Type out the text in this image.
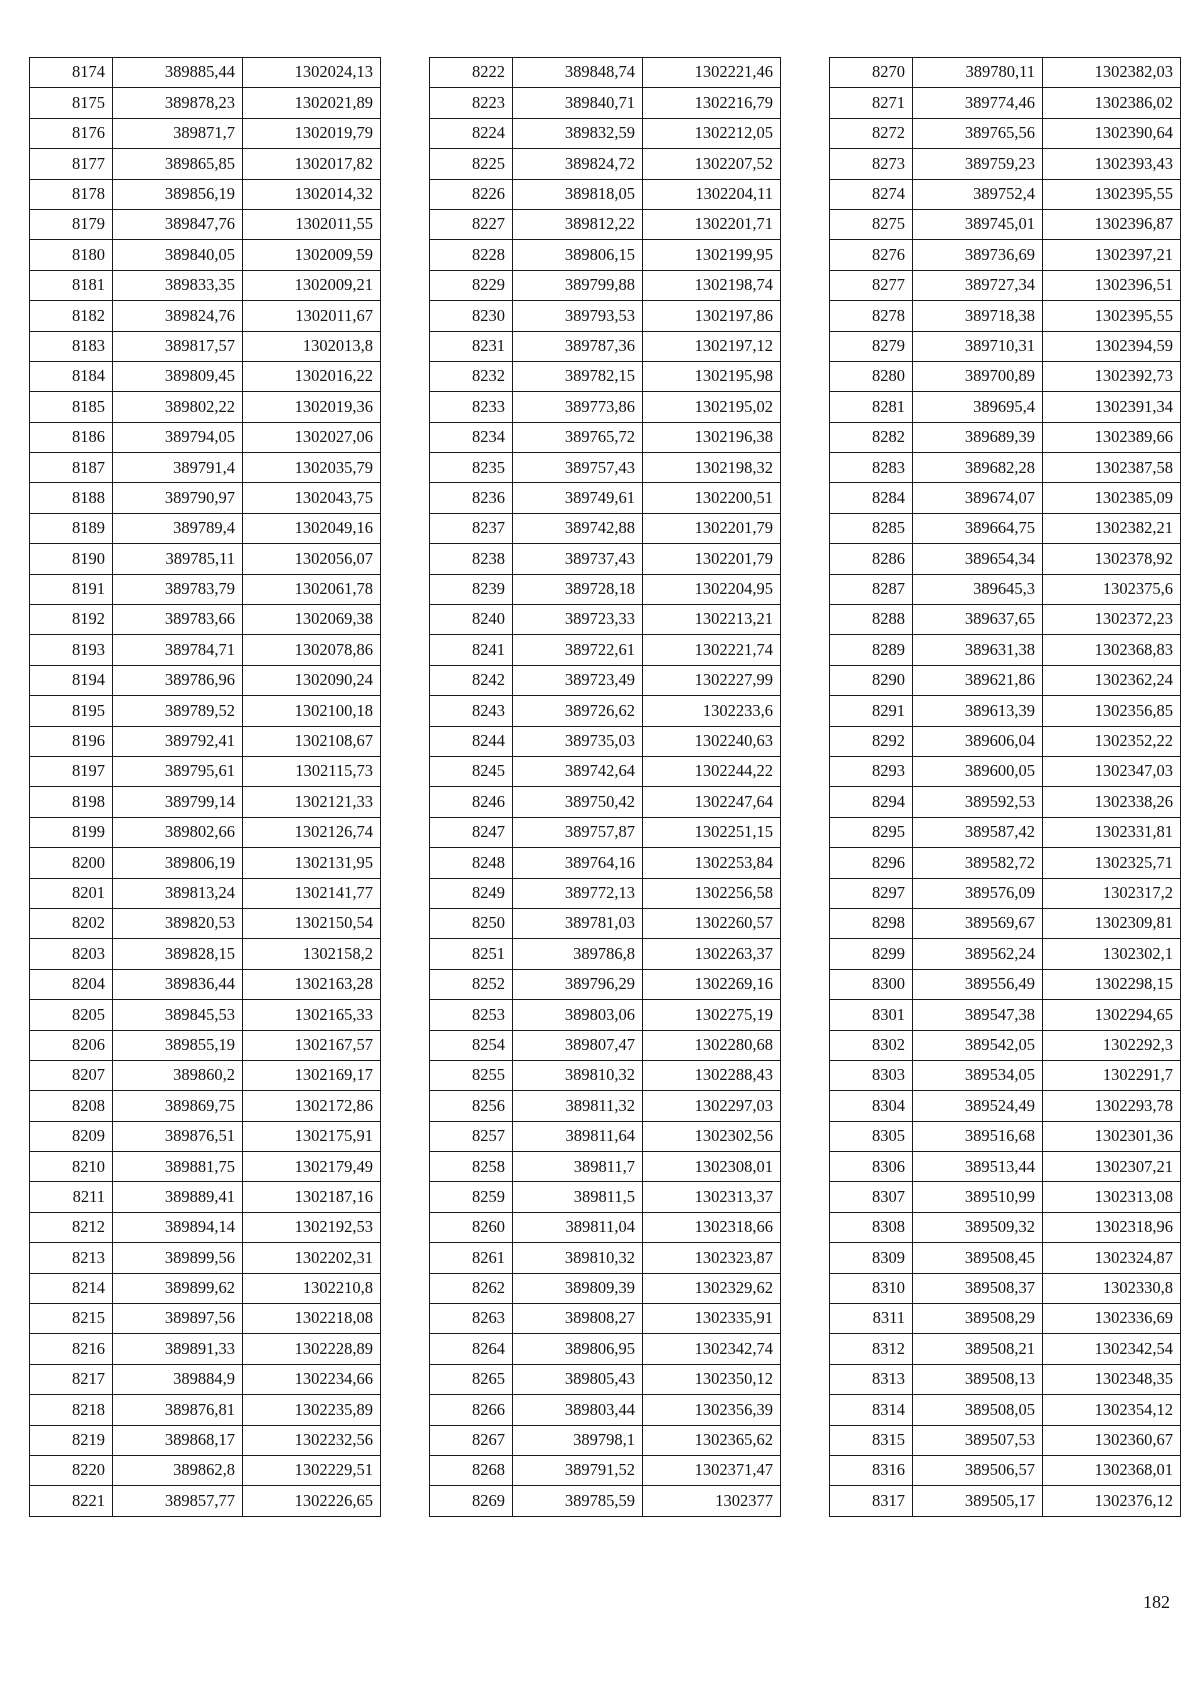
8174	389885,44	1302024,13
8175	389878,23	1302021,89
8176	389871,7	1302019,79
8177	389865,85	1302017,82
8178	389856,19	1302014,32
8179	389847,76	1302011,55
8180	389840,05	1302009,59
8181	389833,35	1302009,21
8182	389824,76	1302011,67
8183	389817,57	1302013,8
8184	389809,45	1302016,22
8185	389802,22	1302019,36
8186	389794,05	1302027,06
8187	389791,4	1302035,79
8188	389790,97	1302043,75
8189	389789,4	1302049,16
8190	389785,11	1302056,07
8191	389783,79	1302061,78
8192	389783,66	1302069,38
8193	389784,71	1302078,86
8194	389786,96	1302090,24
8195	389789,52	1302100,18
8196	389792,41	1302108,67
8197	389795,61	1302115,73
8198	389799,14	1302121,33
8199	389802,66	1302126,74
8200	389806,19	1302131,95
8201	389813,24	1302141,77
8202	389820,53	1302150,54
8203	389828,15	1302158,2
8204	389836,44	1302163,28
8205	389845,53	1302165,33
8206	389855,19	1302167,57
8207	389860,2	1302169,17
8208	389869,75	1302172,86
8209	389876,51	1302175,91
8210	389881,75	1302179,49
8211	389889,41	1302187,16
8212	389894,14	1302192,53
8213	389899,56	1302202,31
8214	389899,62	1302210,8
8215	389897,56	1302218,08
8216	389891,33	1302228,89
8217	389884,9	1302234,66
8218	389876,81	1302235,89
8219	389868,17	1302232,56
8220	389862,8	1302229,51
8221	389857,77	1302226,65
8222	389848,74	1302221,46
8223	389840,71	1302216,79
8224	389832,59	1302212,05
8225	389824,72	1302207,52
8226	389818,05	1302204,11
8227	389812,22	1302201,71
8228	389806,15	1302199,95
8229	389799,88	1302198,74
8230	389793,53	1302197,86
8231	389787,36	1302197,12
8232	389782,15	1302195,98
8233	389773,86	1302195,02
8234	389765,72	1302196,38
8235	389757,43	1302198,32
8236	389749,61	1302200,51
8237	389742,88	1302201,79
8238	389737,43	1302201,79
8239	389728,18	1302204,95
8240	389723,33	1302213,21
8241	389722,61	1302221,74
8242	389723,49	1302227,99
8243	389726,62	1302233,6
8244	389735,03	1302240,63
8245	389742,64	1302244,22
8246	389750,42	1302247,64
8247	389757,87	1302251,15
8248	389764,16	1302253,84
8249	389772,13	1302256,58
8250	389781,03	1302260,57
8251	389786,8	1302263,37
8252	389796,29	1302269,16
8253	389803,06	1302275,19
8254	389807,47	1302280,68
8255	389810,32	1302288,43
8256	389811,32	1302297,03
8257	389811,64	1302302,56
8258	389811,7	1302308,01
8259	389811,5	1302313,37
8260	389811,04	1302318,66
8261	389810,32	1302323,87
8262	389809,39	1302329,62
8263	389808,27	1302335,91
8264	389806,95	1302342,74
8265	389805,43	1302350,12
8266	389803,44	1302356,39
8267	389798,1	1302365,62
8268	389791,52	1302371,47
8269	389785,59	1302377
8270	389780,11	1302382,03
8271	389774,46	1302386,02
8272	389765,56	1302390,64
8273	389759,23	1302393,43
8274	389752,4	1302395,55
8275	389745,01	1302396,87
8276	389736,69	1302397,21
8277	389727,34	1302396,51
8278	389718,38	1302395,55
8279	389710,31	1302394,59
8280	389700,89	1302392,73
8281	389695,4	1302391,34
8282	389689,39	1302389,66
8283	389682,28	1302387,58
8284	389674,07	1302385,09
8285	389664,75	1302382,21
8286	389654,34	1302378,92
8287	389645,3	1302375,6
8288	389637,65	1302372,23
8289	389631,38	1302368,83
8290	389621,86	1302362,24
8291	389613,39	1302356,85
8292	389606,04	1302352,22
8293	389600,05	1302347,03
8294	389592,53	1302338,26
8295	389587,42	1302331,81
8296	389582,72	1302325,71
8297	389576,09	1302317,2
8298	389569,67	1302309,81
8299	389562,24	1302302,1
8300	389556,49	1302298,15
8301	389547,38	1302294,65
8302	389542,05	1302292,3
8303	389534,05	1302291,7
8304	389524,49	1302293,78
8305	389516,68	1302301,36
8306	389513,44	1302307,21
8307	389510,99	1302313,08
8308	389509,32	1302318,96
8309	389508,45	1302324,87
8310	389508,37	1302330,8
8311	389508,29	1302336,69
8312	389508,21	1302342,54
8313	389508,13	1302348,35
8314	389508,05	1302354,12
8315	389507,53	1302360,67
8316	389506,57	1302368,01
8317	389505,17	1302376,12
182
